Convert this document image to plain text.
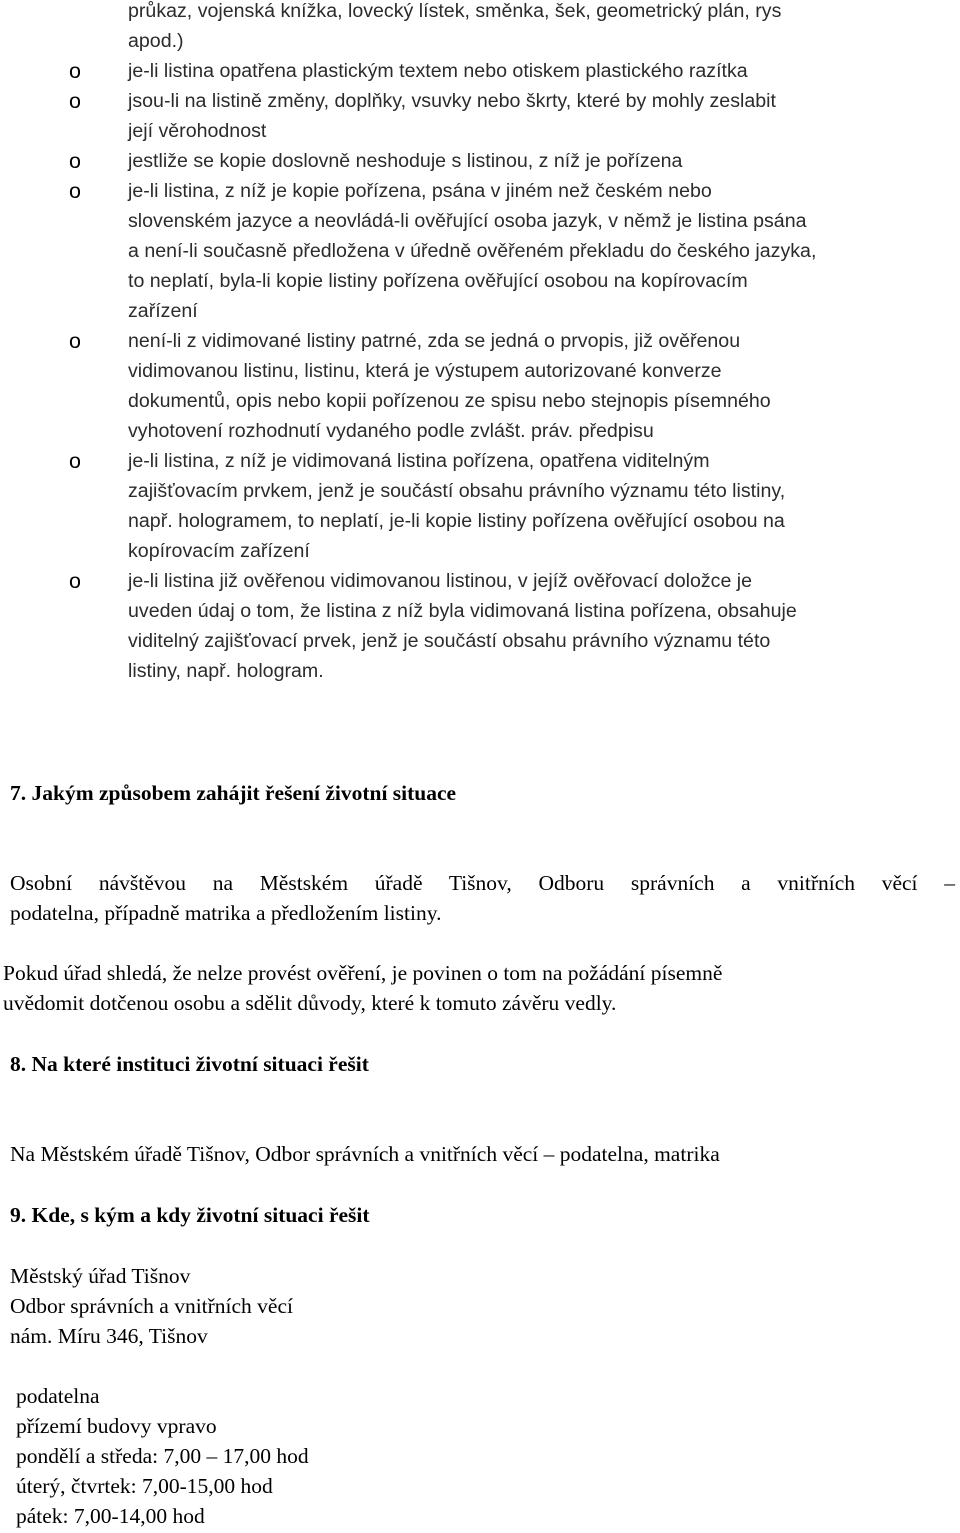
průkaz, vojenská knížka, lovecký lístek, směnka, šek, geometrický plán, rys
apod.)
o je-li listina opatřena plastickým textem nebo otiskem plastického razítka
o jsou-li na listině změny, doplňky, vsuvky nebo škrty, které by mohly zeslabit
její věrohodnost
o jestliže se kopie doslovně neshoduje s listinou, z níž je pořízena
o je-li listina, z níž je kopie pořízena, psána v jiném než českém nebo
slovenském jazyce a neovládá-li ověřující osoba jazyk, v němž je listina psána
a není-li současně předložena v úředně ověřeném překladu do českého jazyka,
to neplatí, byla-li kopie listiny pořízena ověřující osobou na kopírovacím
zařízení
o není-li z vidimované listiny patrné, zda se jedná o prvopis, již ověřenou
vidimovanou listinu, listinu, která je výstupem autorizované konverze
dokumentů, opis nebo kopii pořízenou ze spisu nebo stejnopis písemného
vyhotovení rozhodnutí vydaného podle zvlášt. práv. předpisu
o je-li listina, z níž je vidimovaná listina pořízena, opatřena viditelným
zajišťovacím prvkem, jenž je součástí obsahu právního významu této listiny,
např. hologramem, to neplatí, je-li kopie listiny pořízena ověřující osobou na
kopírovacím zařízení
o je-li listina již ověřenou vidimovanou listinou, v jejíž ověřovací doložce je
uveden údaj o tom, že listina z níž byla vidimovaná listina pořízena, obsahuje
viditelný zajišťovací prvek, jenž je součástí obsahu právního významu této
listiny, např. hologram.
7. Jakým způsobem zahájit řešení životní situace
Osobní návštěvou na Městském úřadě Tišnov, Odboru správních a vnitřních věcí –
podatelna, případně matrika a předložením listiny.
Pokud úřad shledá, že nelze provést ověření, je povinen o tom na požádání písemně
uvědomit dotčenou osobu a sdělit důvody, které k tomuto závěru vedly.
8. Na které instituci životní situaci řešit
Na Městském úřadě Tišnov, Odbor správních a vnitřních věcí – podatelna, matrika
9. Kde, s kým a kdy životní situaci řešit
Městský úřad Tišnov
Odbor správních a vnitřních věcí
nám. Míru 346, Tišnov
podatelna
přízemí budovy vpravo
pondělí a středa: 7,00 – 17,00 hod
úterý, čtvrtek: 7,00-15,00 hod
pátek: 7,00-14,00 hod
